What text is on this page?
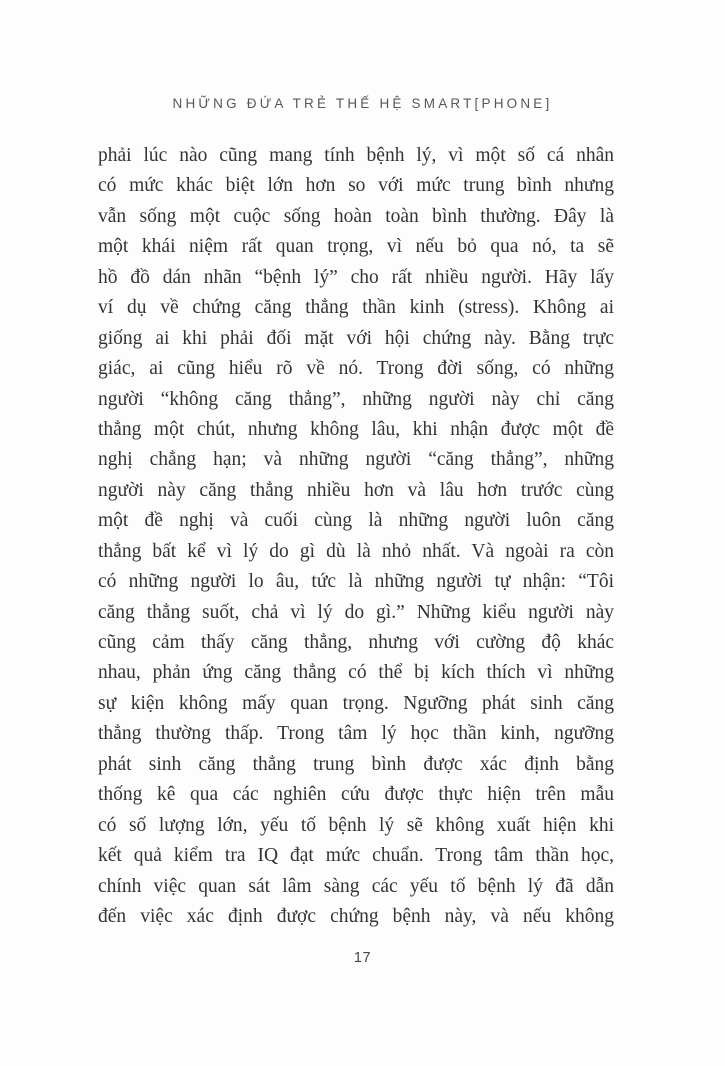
NHỮNG ĐỨA TRẺ THẾ HỆ SMART[PHONE]
phải lúc nào cũng mang tính bệnh lý, vì một số cá nhân
có mức khác biệt lớn hơn so với mức trung bình nhưng
vẫn sống một cuộc sống hoàn toàn bình thường. Đây là
một khái niệm rất quan trọng, vì nếu bỏ qua nó, ta sẽ
hồ đồ dán nhãn “bệnh lý” cho rất nhiều người. Hãy lấy
ví dụ về chứng căng thẳng thần kinh (stress). Không ai
giống ai khi phải đối mặt với hội chứng này. Bằng trực
giác, ai cũng hiểu rõ về nó. Trong đời sống, có những
người “không căng thẳng”, những người này chỉ căng
thẳng một chút, nhưng không lâu, khi nhận được một đề
nghị chẳng hạn; và những người “căng thẳng”, những
người này căng thẳng nhiều hơn và lâu hơn trước cùng
một đề nghị và cuối cùng là những người luôn căng
thẳng bất kể vì lý do gì dù là nhỏ nhất. Và ngoài ra còn
có những người lo âu, tức là những người tự nhận: “Tôi
căng thẳng suốt, chả vì lý do gì.” Những kiểu người này
cũng cảm thấy căng thẳng, nhưng với cường độ khác
nhau, phản ứng căng thẳng có thể bị kích thích vì những
sự kiện không mấy quan trọng. Ngưỡng phát sinh căng
thẳng thường thấp. Trong tâm lý học thần kinh, ngưỡng
phát sinh căng thẳng trung bình được xác định bằng
thống kê qua các nghiên cứu được thực hiện trên mẫu
có số lượng lớn, yếu tố bệnh lý sẽ không xuất hiện khi
kết quả kiểm tra IQ đạt mức chuẩn. Trong tâm thần học,
chính việc quan sát lâm sàng các yếu tố bệnh lý đã dẫn
đến việc xác định được chứng bệnh này, và nếu không
17
